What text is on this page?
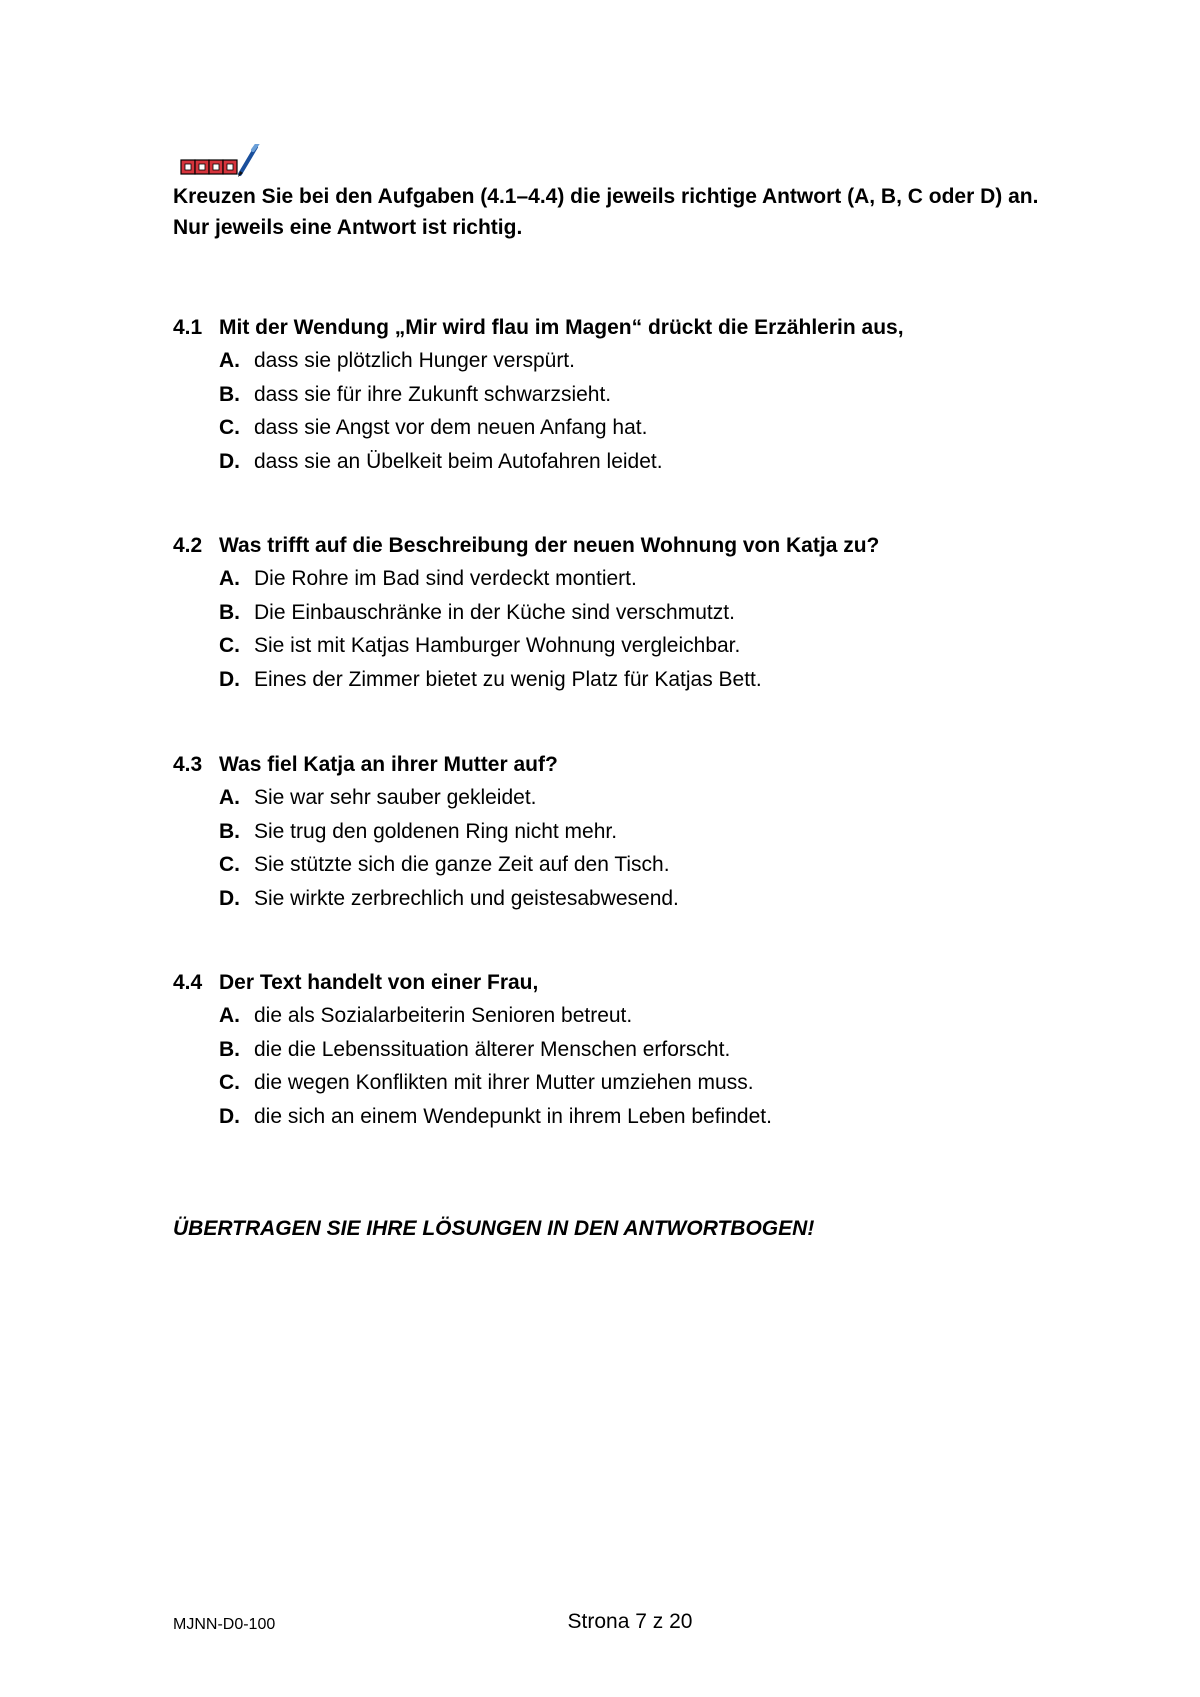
Kreuzen Sie bei den Aufgaben (4.1–4.4) die jeweils richtige Antwort (A, B, C oder D) an.
Nur jeweils eine Antwort ist richtig.
4.1 Mit der Wendung „Mir wird flau im Magen“ drückt die Erzählerin aus,
A. dass sie plötzlich Hunger verspürt.
B. dass sie für ihre Zukunft schwarzsieht.
C. dass sie Angst vor dem neuen Anfang hat.
D. dass sie an Übelkeit beim Autofahren leidet.
4.2 Was trifft auf die Beschreibung der neuen Wohnung von Katja zu?
A. Die Rohre im Bad sind verdeckt montiert.
B. Die Einbauschränke in der Küche sind verschmutzt.
C. Sie ist mit Katjas Hamburger Wohnung vergleichbar.
D. Eines der Zimmer bietet zu wenig Platz für Katjas Bett.
4.3 Was fiel Katja an ihrer Mutter auf?
A. Sie war sehr sauber gekleidet.
B. Sie trug den goldenen Ring nicht mehr.
C. Sie stützte sich die ganze Zeit auf den Tisch.
D. Sie wirkte zerbrechlich und geistesabwesend.
4.4 Der Text handelt von einer Frau,
A. die als Sozialarbeiterin Senioren betreut.
B. die die Lebenssituation älterer Menschen erforscht.
C. die wegen Konflikten mit ihrer Mutter umziehen muss.
D. die sich an einem Wendepunkt in ihrem Leben befindet.
ÜBERTRAGEN SIE IHRE LÖSUNGEN IN DEN ANTWORTBOGEN!
MJNN-D0-100	Strona 7 z 20
